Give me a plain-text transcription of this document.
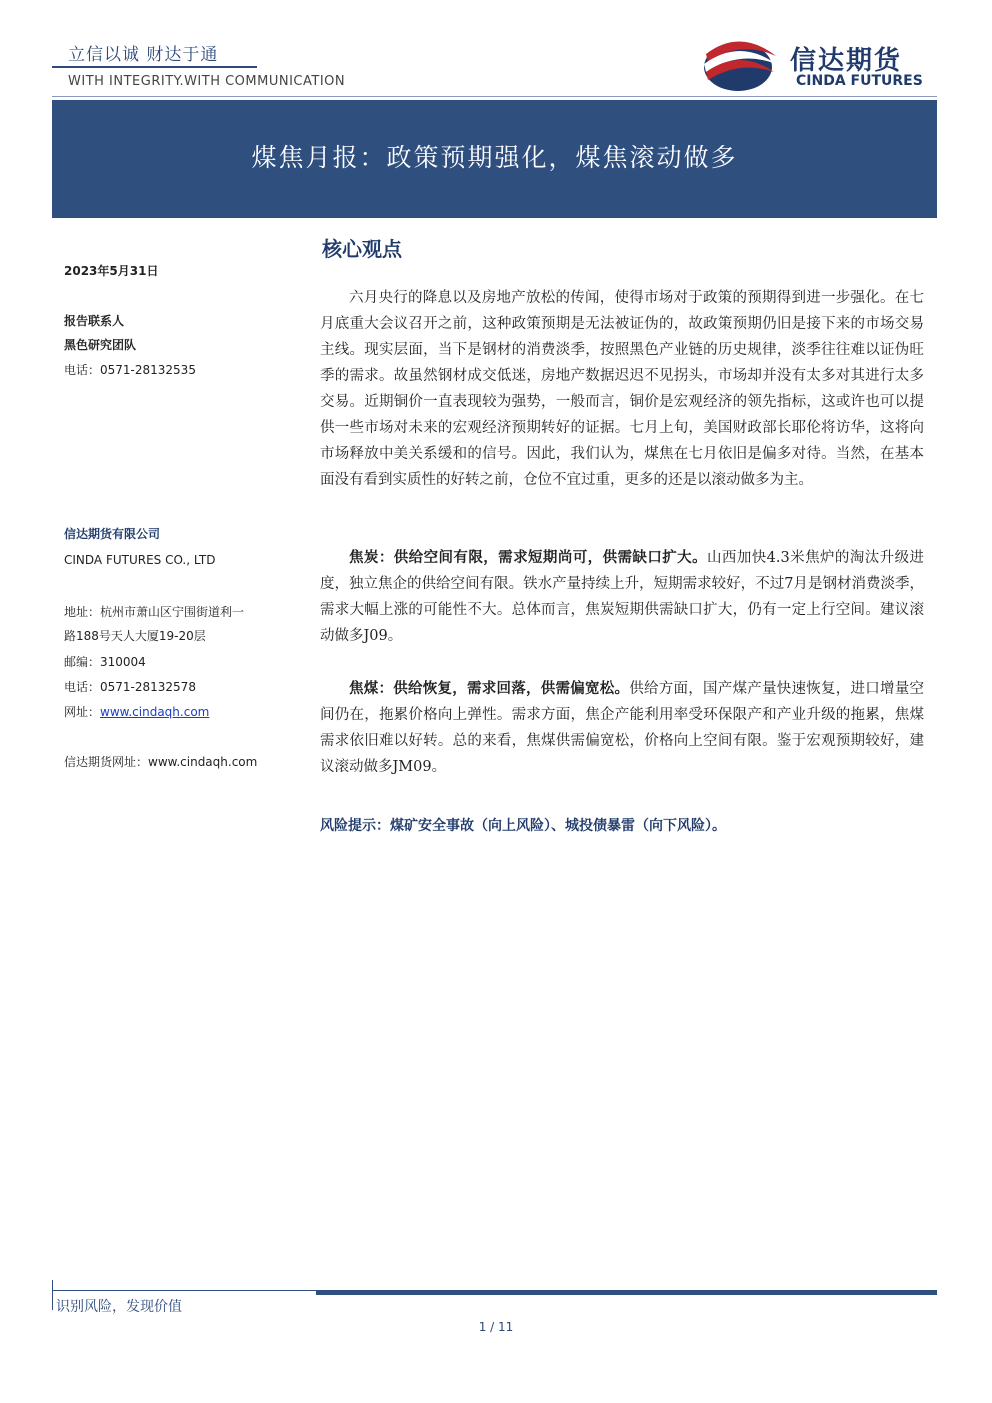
立信以诚 财达于通
WITH INTEGRITY.WITH COMMUNICATION
信达期货
CINDA FUTURES
煤焦月报：政策预期强化，煤焦滚动做多
2023年5月31日
报告联系人
黑色研究团队
电话：0571-28132535
信达期货有限公司
CINDA FUTURES CO., LTD
地址：杭州市萧山区宁围街道利一
路188号天人大厦19-20层
邮编：310004
电话：0571-28132578
网址：www.cindaqh.com
信达期货网址：www.cindaqh.com
核心观点

六月央行的降息以及房地产放松的传闻，使得市场对于政策的预期得到进一步强化。在七月底重大会议召开之前，这种政策预期是无法被证伪的，故政策预期仍旧是接下来的市场交易主线。现实层面，当下是钢材的消费淡季，按照黑色产业链的历史规律，淡季往往难以证伪旺季的需求。故虽然钢材成交低迷，房地产数据迟迟不见拐头，市场却并没有太多对其进行太多交易。近期铜价一直表现较为强势，一般而言，铜价是宏观经济的领先指标，这或许也可以提供一些市场对未来的宏观经济预期转好的证据。七月上旬，美国财政部长耶伦将访华，这将向市场释放中美关系缓和的信号。因此，我们认为，煤焦在七月依旧是偏多对待。当然，在基本面没有看到实质性的好转之前，仓位不宜过重，更多的还是以滚动做多为主。

焦炭：供给空间有限，需求短期尚可，供需缺口扩大。山西加快4.3米焦炉的淘汰升级进度，独立焦企的供给空间有限。铁水产量持续上升，短期需求较好，不过7月是钢材消费淡季，需求大幅上涨的可能性不大。总体而言，焦炭短期供需缺口扩大，仍有一定上行空间。建议滚动做多J09。

焦煤：供给恢复，需求回落，供需偏宽松。供给方面，国产煤产量快速恢复，进口增量空间仍在，拖累价格向上弹性。需求方面，焦企产能利用率受环保限产和产业升级的拖累，焦煤需求依旧难以好转。总的来看，焦煤供需偏宽松，价格向上空间有限。鉴于宏观预期较好，建议滚动做多JM09。

风险提示：煤矿安全事故（向上风险）、城投债暴雷（向下风险）。
识别风险，发现价值
1 / 11
